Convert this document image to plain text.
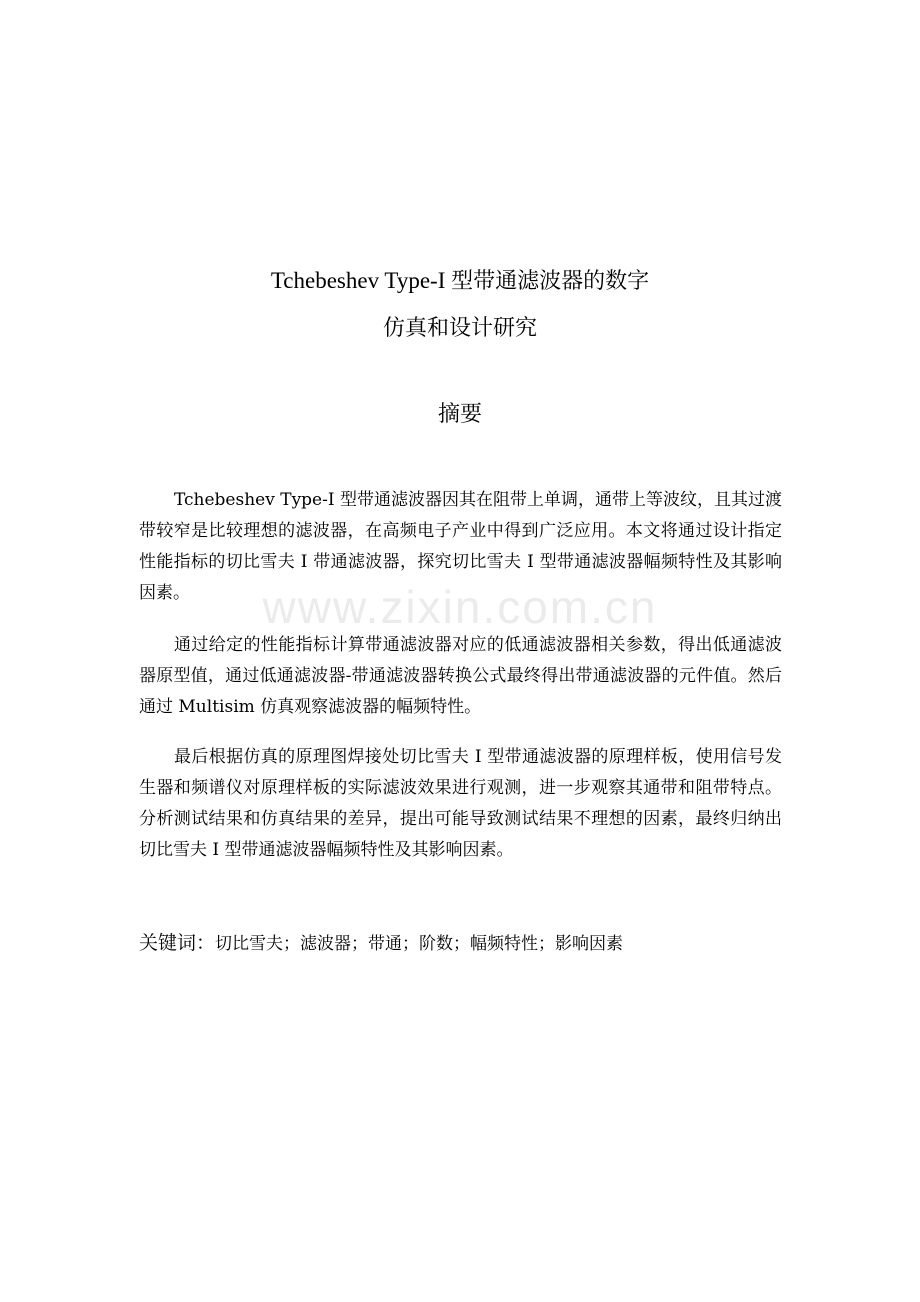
Tchebeshev Type-I 型带通滤波器的数字
仿真和设计研究
摘要

Tchebeshev Type-I 型带通滤波器因其在阻带上单调，通带上等波纹，且其过渡带较窄是比较理想的滤波器，在高频电子产业中得到广泛应用。本文将通过设计指定性能指标的切比雪夫 I 带通滤波器，探究切比雪夫 I 型带通滤波器幅频特性及其影响因素。

通过给定的性能指标计算带通滤波器对应的低通滤波器相关参数，得出低通滤波器原型值，通过低通滤波器-带通滤波器转换公式最终得出带通滤波器的元件值。然后通过 Multisim 仿真观察滤波器的幅频特性。

最后根据仿真的原理图焊接处切比雪夫 I 型带通滤波器的原理样板，使用信号发生器和频谱仪对原理样板的实际滤波效果进行观测，进一步观察其通带和阻带特点。分析测试结果和仿真结果的差异，提出可能导致测试结果不理想的因素，最终归纳出切比雪夫 I 型带通滤波器幅频特性及其影响因素。

关键词：切比雪夫；滤波器；带通；阶数；幅频特性；影响因素
www.zixin.com.cn
